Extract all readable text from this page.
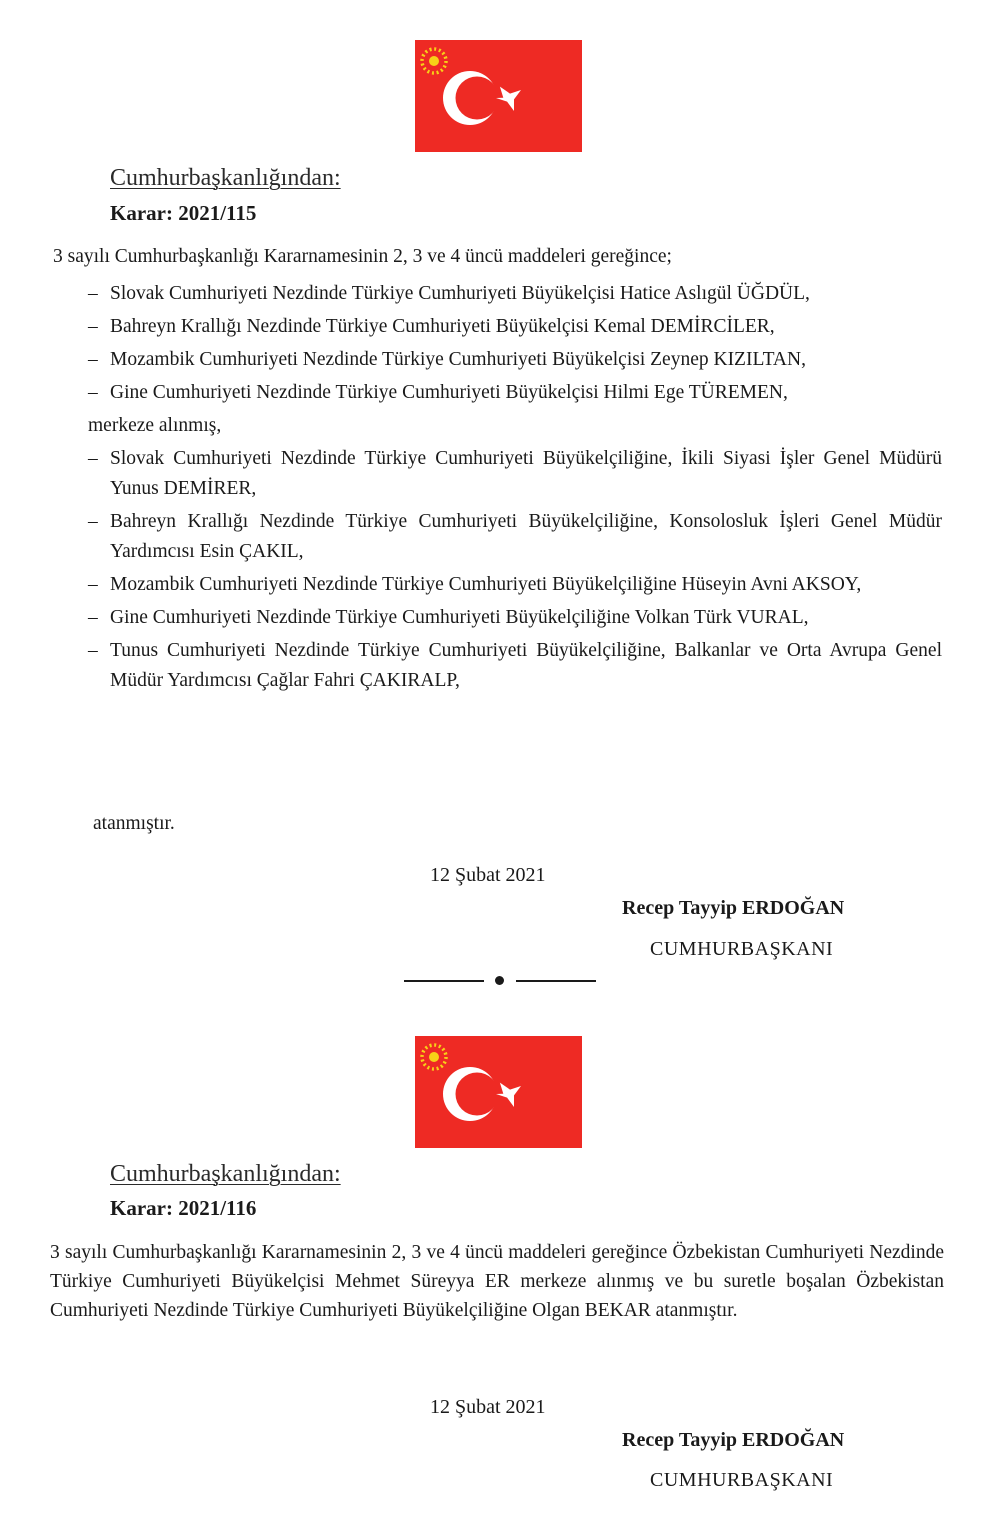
Cumhurbaşkanlığından:
Karar: 2021/115
3 sayılı Cumhurbaşkanlığı Kararnamesinin 2, 3 ve 4 üncü maddeleri gereğince;
– Slovak Cumhuriyeti Nezdinde Türkiye Cumhuriyeti Büyükelçisi Hatice Aslıgül ÜĞDÜL,
– Bahreyn Krallığı Nezdinde Türkiye Cumhuriyeti Büyükelçisi Kemal DEMİRCİLER,
– Mozambik Cumhuriyeti Nezdinde Türkiye Cumhuriyeti Büyükelçisi Zeynep KIZILTAN,
– Gine Cumhuriyeti Nezdinde Türkiye Cumhuriyeti Büyükelçisi Hilmi Ege TÜREMEN,
merkeze alınmış,
– Slovak Cumhuriyeti Nezdinde Türkiye Cumhuriyeti Büyükelçiliğine, İkili Siyasi İşler Genel Müdürü Yunus DEMİRER,
– Bahreyn Krallığı Nezdinde Türkiye Cumhuriyeti Büyükelçiliğine, Konsolosluk İşleri Genel Müdür Yardımcısı Esin ÇAKIL,
– Mozambik Cumhuriyeti Nezdinde Türkiye Cumhuriyeti Büyükelçiliğine Hüseyin Avni AKSOY,
– Gine Cumhuriyeti Nezdinde Türkiye Cumhuriyeti Büyükelçiliğine Volkan Türk VURAL,
– Tunus Cumhuriyeti Nezdinde Türkiye Cumhuriyeti Büyükelçiliğine, Balkanlar ve Orta Avrupa Genel Müdür Yardımcısı Çağlar Fahri ÇAKIRALP,
atanmıştır.
12 Şubat 2021
Recep Tayyip ERDOĞAN
CUMHURBAŞKANI
Cumhurbaşkanlığından:
Karar: 2021/116
3 sayılı Cumhurbaşkanlığı Kararnamesinin 2, 3 ve 4 üncü maddeleri gereğince Özbekistan Cumhuriyeti Nezdinde Türkiye Cumhuriyeti Büyükelçisi Mehmet Süreyya ER merkeze alınmış ve bu suretle boşalan Özbekistan Cumhuriyeti Nezdinde Türkiye Cumhuriyeti Büyükelçiliğine Olgan BEKAR atanmıştır.
12 Şubat 2021
Recep Tayyip ERDOĞAN
CUMHURBAŞKANI
